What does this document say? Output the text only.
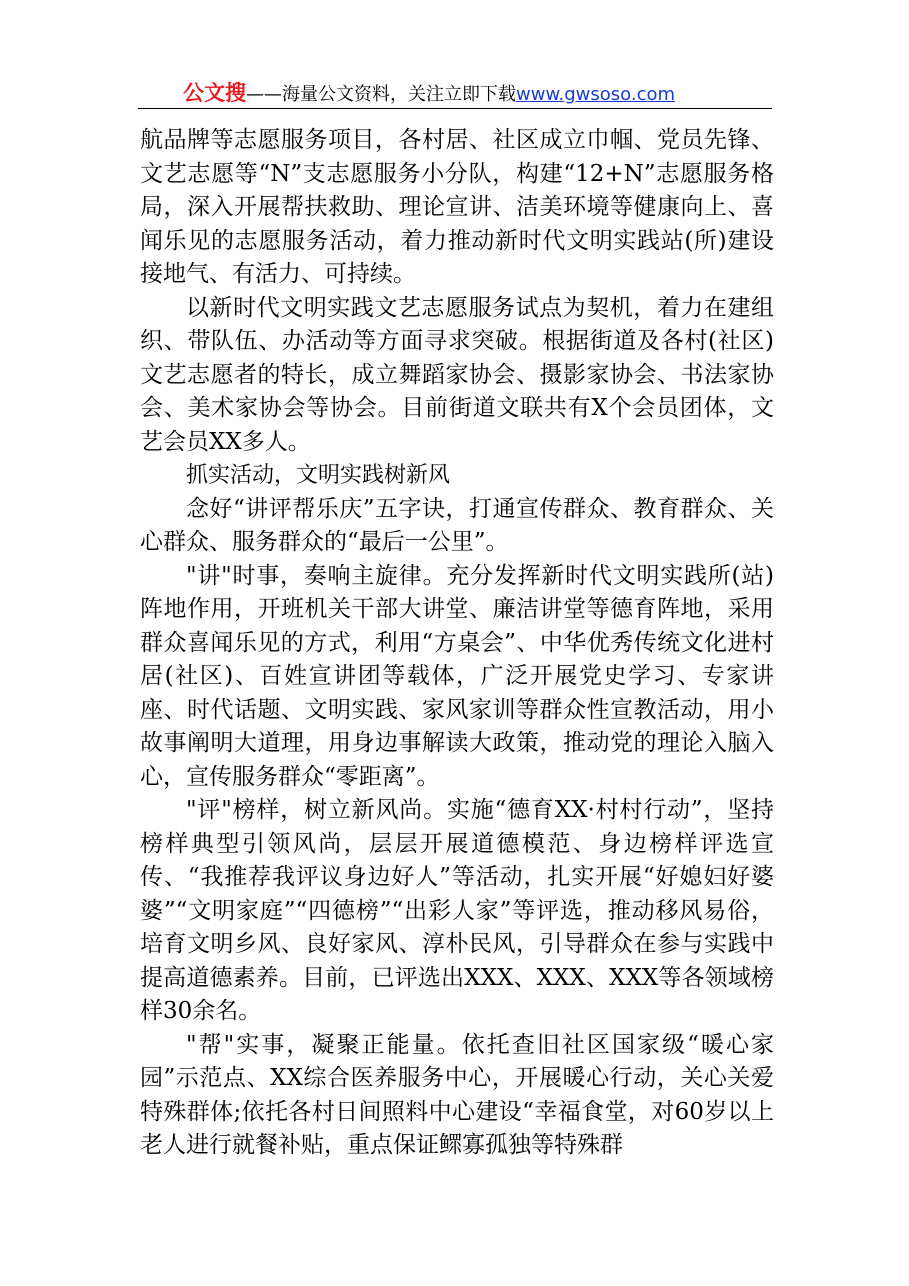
公文搜——海量公文资料，关注立即下载www.gwsoso.com

航品牌等志愿服务项目，各村居、社区成立巾帼、党员先锋、文艺志愿等“N”支志愿服务小分队，构建“12+N”志愿服务格局，深入开展帮扶救助、理论宣讲、洁美环境等健康向上、喜闻乐见的志愿服务活动，着力推动新时代文明实践站(所)建设接地气、有活力、可持续。

以新时代文明实践文艺志愿服务试点为契机，着力在建组织、带队伍、办活动等方面寻求突破。根据街道及各村(社区)文艺志愿者的特长，成立舞蹈家协会、摄影家协会、书法家协会、美术家协会等协会。目前街道文联共有X个会员团体，文艺会员XX多人。

抓实活动，文明实践树新风

念好“讲评帮乐庆”五字诀，打通宣传群众、教育群众、关心群众、服务群众的“最后一公里”。

"讲"时事，奏响主旋律。充分发挥新时代文明实践所(站)阵地作用，开班机关干部大讲堂、廉洁讲堂等德育阵地，采用群众喜闻乐见的方式，利用“方桌会”、中华优秀传统文化进村居(社区)、百姓宣讲团等载体，广泛开展党史学习、专家讲座、时代话题、文明实践、家风家训等群众性宣教活动，用小故事阐明大道理，用身边事解读大政策，推动党的理论入脑入心，宣传服务群众“零距离”。

"评"榜样，树立新风尚。实施“德育XX·村村行动”，坚持榜样典型引领风尚，层层开展道德模范、身边榜样评选宣传、“我推荐我评议身边好人”等活动，扎实开展“好媳妇好婆婆”“文明家庭”“四德榜”“出彩人家”等评选，推动移风易俗，培育文明乡风、良好家风、淳朴民风，引导群众在参与实践中提高道德素养。目前，已评选出XXX、XXX、XXX等各领域榜样30余名。

"帮"实事，凝聚正能量。依托查旧社区国家级“暖心家园”示范点、XX综合医养服务中心，开展暖心行动，关心关爱特殊群体;依托各村日间照料中心建设“幸福食堂，对60岁以上老人进行就餐补贴，重点保证鳏寡孤独等特殊群
